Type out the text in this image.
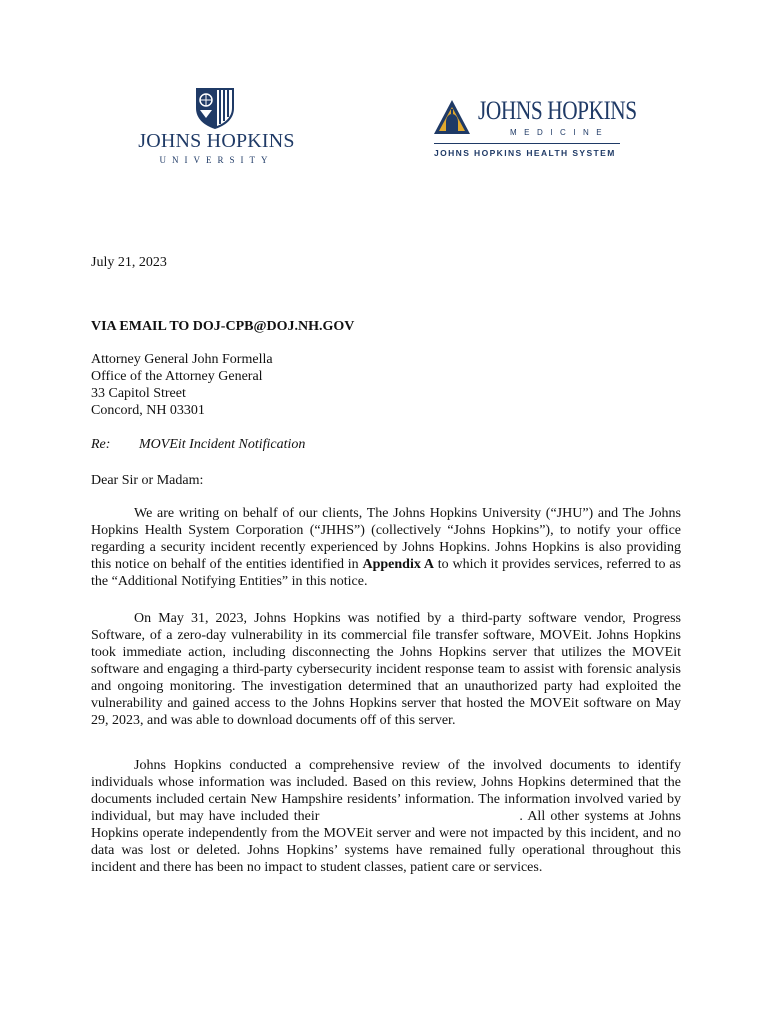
JOHNS HOPKINS
UNIVERSITY
JOHNS HOPKINS
MEDICINE
JOHNS HOPKINS HEALTH SYSTEM
July 21, 2023
VIA EMAIL TO DOJ-CPB@DOJ.NH.GOV
Attorney General John Formella
Office of the Attorney General
33 Capitol Street
Concord, NH 03301
Re: MOVEit Incident Notification
Dear Sir or Madam:
We are writing on behalf of our clients, The Johns Hopkins University (“JHU”) and The Johns Hopkins Health System Corporation (“JHHS”) (collectively “Johns Hopkins”), to notify your office regarding a security incident recently experienced by Johns Hopkins. Johns Hopkins is also providing this notice on behalf of the entities identified in Appendix A to which it provides services, referred to as the “Additional Notifying Entities” in this notice.
On May 31, 2023, Johns Hopkins was notified by a third-party software vendor, Progress Software, of a zero-day vulnerability in its commercial file transfer software, MOVEit. Johns Hopkins took immediate action, including disconnecting the Johns Hopkins server that utilizes the MOVEit software and engaging a third-party cybersecurity incident response team to assist with forensic analysis and ongoing monitoring. The investigation determined that an unauthorized party had exploited the vulnerability and gained access to the Johns Hopkins server that hosted the MOVEit software on May 29, 2023, and was able to download documents off of this server.
Johns Hopkins conducted a comprehensive review of the involved documents to identify individuals whose information was included. Based on this review, Johns Hopkins determined that the documents included certain New Hampshire residents’ information. The information involved varied by individual, but may have included their	. All other systems at Johns Hopkins operate independently from the MOVEit server and were not impacted by this incident, and no data was lost or deleted. Johns Hopkins’ systems have remained fully operational throughout this incident and there has been no impact to student classes, patient care or services.
